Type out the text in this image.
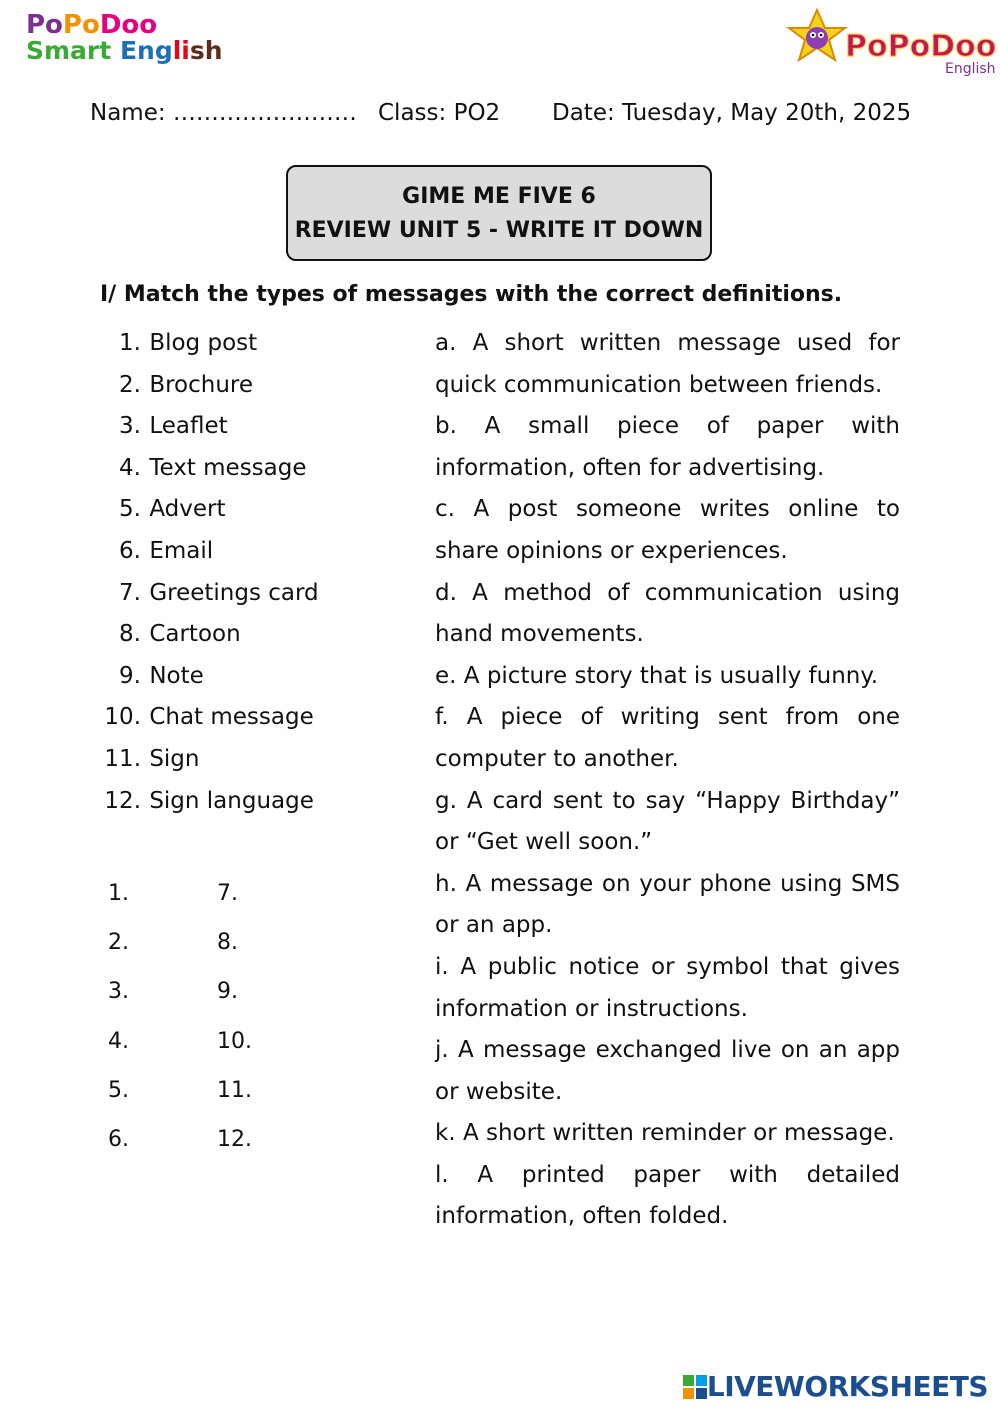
PoPoDoo
Smart English	PoPoDoo
English
Name: …………………… Class: PO2 Date: Tuesday, May 20th, 2025
GIME ME FIVE 6
REVIEW UNIT 5 - WRITE IT DOWN
I/ Match the types of messages with the correct definitions.
1. Blog post
2. Brochure
3. Leaflet
4. Text message
5. Advert
6. Email
7. Greetings card
8. Cartoon
9. Note
10. Chat message
11. Sign
12. Sign language
1.	7.
2.	8.
3.	9.
4.	10.
5.	11.
6.	12.
a. A short written message used for quick communication between friends.
b. A small piece of paper with information, often for advertising.
c. A post someone writes online to share opinions or experiences.
d. A method of communication using hand movements.
e. A picture story that is usually funny.
f. A piece of writing sent from one computer to another.
g. A card sent to say “Happy Birthday” or “Get well soon.”
h. A message on your phone using SMS or an app.
i. A public notice or symbol that gives information or instructions.
j. A message exchanged live on an app or website.
k. A short written reminder or message.
l. A printed paper with detailed information, often folded.
LIVEWORKSHEETS
